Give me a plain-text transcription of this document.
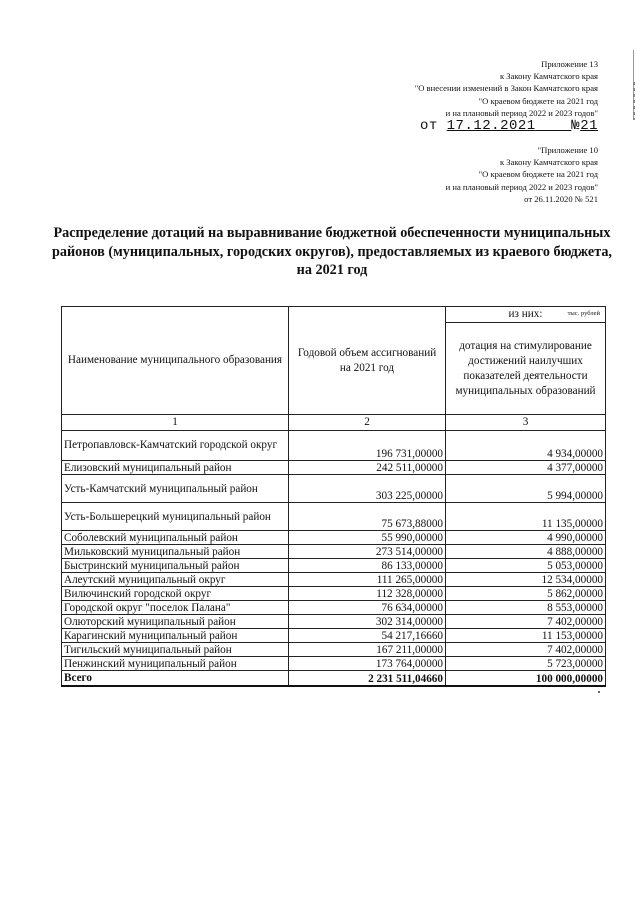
Приложение 13
к Закону Камчатского края
"О внесении изменений в Закон Камчатского края
"О краевом бюджете на 2021 год
и на плановый период 2022 и 2023 годов"
от 17.12.2021	№21
"Приложение 10
к Закону Камчатского края
"О краевом бюджете на 2021 год
и на плановый период 2022 и 2023 годов"
от 26.11.2020 № 521
Распределение дотаций на выравнивание бюджетной обеспеченности муниципальных районов (муниципальных, городских округов), предоставляемых из краевого бюджета, на 2021 год
тыс. рублей
Наименование муниципального образования	Годовой объем ассигнований на 2021 год	из них:
		дотация на стимулирование достижений наилучших показателей деятельности муниципальных образований
1	2	3
Петропавловск-Камчатский городской округ	196 731,00000	4 934,00000
Елизовский муниципальный район	242 511,00000	4 377,00000
Усть-Камчатский муниципальный район	303 225,00000	5 994,00000
Усть-Большерецкий муниципальный район	75 673,88000	11 135,00000
Соболевский муниципальный район	55 990,00000	4 990,00000
Мильковский муниципальный район	273 514,00000	4 888,00000
Быстринский муниципальный район	86 133,00000	5 053,00000
Алеутский муниципальный округ	111 265,00000	12 534,00000
Вилючинский городской округ	112 328,00000	5 862,00000
Городской округ "поселок Палана"	76 634,00000	8 553,00000
Олюторский муниципальный район	302 314,00000	7 402,00000
Карагинский муниципальный район	54 217,16660	11 153,00000
Тигильский муниципальный район	167 211,00000	7 402,00000
Пенжинский муниципальный район	173 764,00000	5 723,00000
Всего	2 231 511,04660	100 000,00000
